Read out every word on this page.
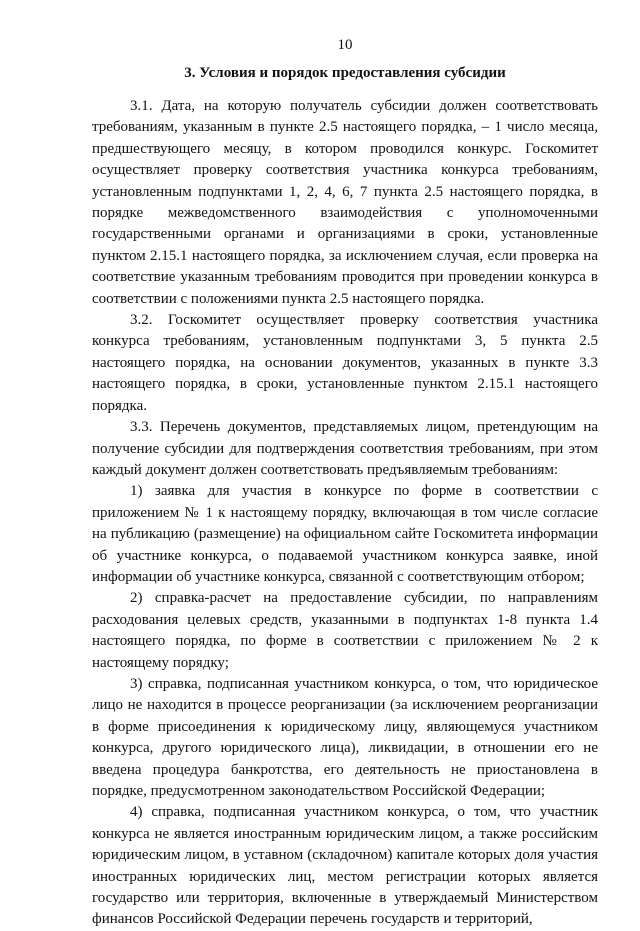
10
3. Условия и порядок предоставления субсидии

3.1. Дата, на которую получатель субсидии должен соответствовать требованиям, указанным в пункте 2.5 настоящего порядка, – 1 число месяца, предшествующего месяцу, в котором проводился конкурс. Госкомитет осуществляет проверку соответствия участника конкурса требованиям, установленным подпунктами 1, 2, 4, 6, 7 пункта 2.5 настоящего порядка, в порядке межведомственного взаимодействия с уполномоченными государственными органами и организациями в сроки, установленные пунктом 2.15.1 настоящего порядка, за исключением случая, если проверка на соответствие указанным требованиям проводится при проведении конкурса в соответствии с положениями пункта 2.5 настоящего порядка.

3.2. Госкомитет осуществляет проверку соответствия участника конкурса требованиям, установленным подпунктами 3, 5 пункта 2.5 настоящего порядка, на основании документов, указанных в пункте 3.3 настоящего порядка, в сроки, установленные пунктом 2.15.1 настоящего порядка.

3.3. Перечень документов, представляемых лицом, претендующим на получение субсидии для подтверждения соответствия требованиям, при этом каждый документ должен соответствовать предъявляемым требованиям:

1) заявка для участия в конкурсе по форме в соответствии с приложением № 1 к настоящему порядку, включающая в том числе согласие на публикацию (размещение) на официальном сайте Госкомитета информации об участнике конкурса, о подаваемой участником конкурса заявке, иной информации об участнике конкурса, связанной с соответствующим отбором;

2) справка-расчет на предоставление субсидии, по направлениям расходования целевых средств, указанными в подпунктах 1-8 пункта 1.4 настоящего порядка, по форме в соответствии с приложением № 2 к настоящему порядку;

3) справка, подписанная участником конкурса, о том, что юридическое лицо не находится в процессе реорганизации (за исключением реорганизации в форме присоединения к юридическому лицу, являющемуся участником конкурса, другого юридического лица), ликвидации, в отношении его не введена процедура банкротства, его деятельность не приостановлена в порядке, предусмотренном законодательством Российской Федерации;

4) справка, подписанная участником конкурса, о том, что участник конкурса не является иностранным юридическим лицом, а также российским юридическим лицом, в уставном (складочном) капитале которых доля участия иностранных юридических лиц, местом регистрации которых является государство или территория, включенные в утверждаемый Министерством финансов Российской Федерации перечень государств и территорий,
